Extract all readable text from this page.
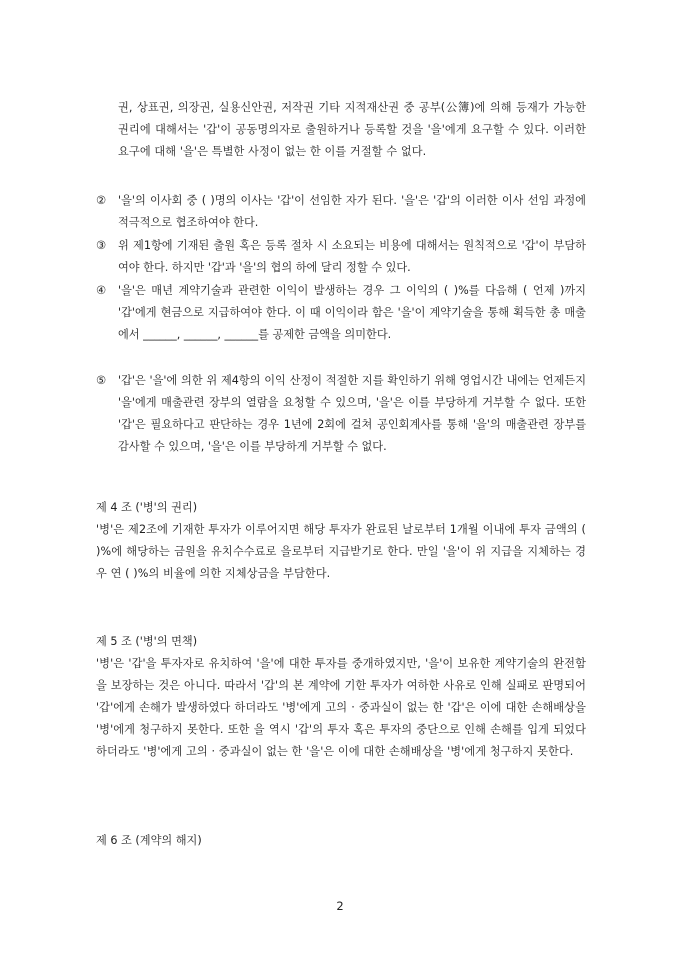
권, 상표권, 의장권, 실용신안권, 저작권 기타 지적재산권 중 공부(公簿)에 의해 등재가 가능한 권리에 대해서는 '갑'이 공동명의자로 출원하거나 등록할 것을 '을'에게 요구할 수 있다. 이러한 요구에 대해 '을'은 특별한 사정이 없는 한 이를 거절할 수 없다.

②	'을'의 이사회 중 ( )명의 이사는 '갑'이 선임한 자가 된다. '을'은 '갑'의 이러한 이사 선임 과정에 적극적으로 협조하여야 한다.
③	위 제1항에 기재된 출원 혹은 등록 절차 시 소요되는 비용에 대해서는 원칙적으로 '갑'이 부담하여야 한다. 하지만 '갑'과 '을'의 협의 하에 달리 정할 수 있다.
④	'을'은 매년 계약기술과 관련한 이익이 발생하는 경우 그 이익의 ( )%를 다음해 ( 언제 )까지 '갑'에게 현금으로 지급하여야 한다. 이 때 이익이라 함은 '을'이 계약기술을 통해 획득한 총 매출에서 ______, ______, ______를 공제한 금액을 의미한다.
⑤	'갑'은 '을'에 의한 위 제4항의 이익 산정이 적절한 지를 확인하기 위해 영업시간 내에는 언제든지 '을'에게 매출관련 장부의 열람을 요청할 수 있으며, '을'은 이를 부당하게 거부할 수 없다. 또한 '갑'은 필요하다고 판단하는 경우 1년에 2회에 걸쳐 공인회계사를 통해 '을'의 매출관련 장부를 감사할 수 있으며, '을'은 이를 부당하게 거부할 수 없다.
제 4 조 ('병'의 권리)

'병'은 제2조에 기재한 투자가 이루어지면 해당 투자가 완료된 날로부터 1개월 이내에 투자 금액의 ( )%에 해당하는 금원을 유치수수료로 을로부터 지급받기로 한다. 만일 '을'이 위 지급을 지체하는 경우 연 ( )%의 비율에 의한 지체상금을 부담한다.

제 5 조 ('병'의 면책)

'병'은 '갑'을 투자자로 유치하여 '을'에 대한 투자를 중개하였지만, '을'이 보유한 계약기술의 완전함을 보장하는 것은 아니다. 따라서 '갑'의 본 계약에 기한 투자가 여하한 사유로 인해 실패로 판명되어 '갑'에게 손해가 발생하였다 하더라도 '병'에게 고의 · 중과실이 없는 한 '갑'은 이에 대한 손해배상을 '병'에게 청구하지 못한다. 또한 을 역시 '갑'의 투자 혹은 투자의 중단으로 인해 손해를 입게 되었다 하더라도 '병'에게 고의 · 중과실이 없는 한 '을'은 이에 대한 손해배상을 '병'에게 청구하지 못한다.

제 6 조 (계약의 해지)
2
